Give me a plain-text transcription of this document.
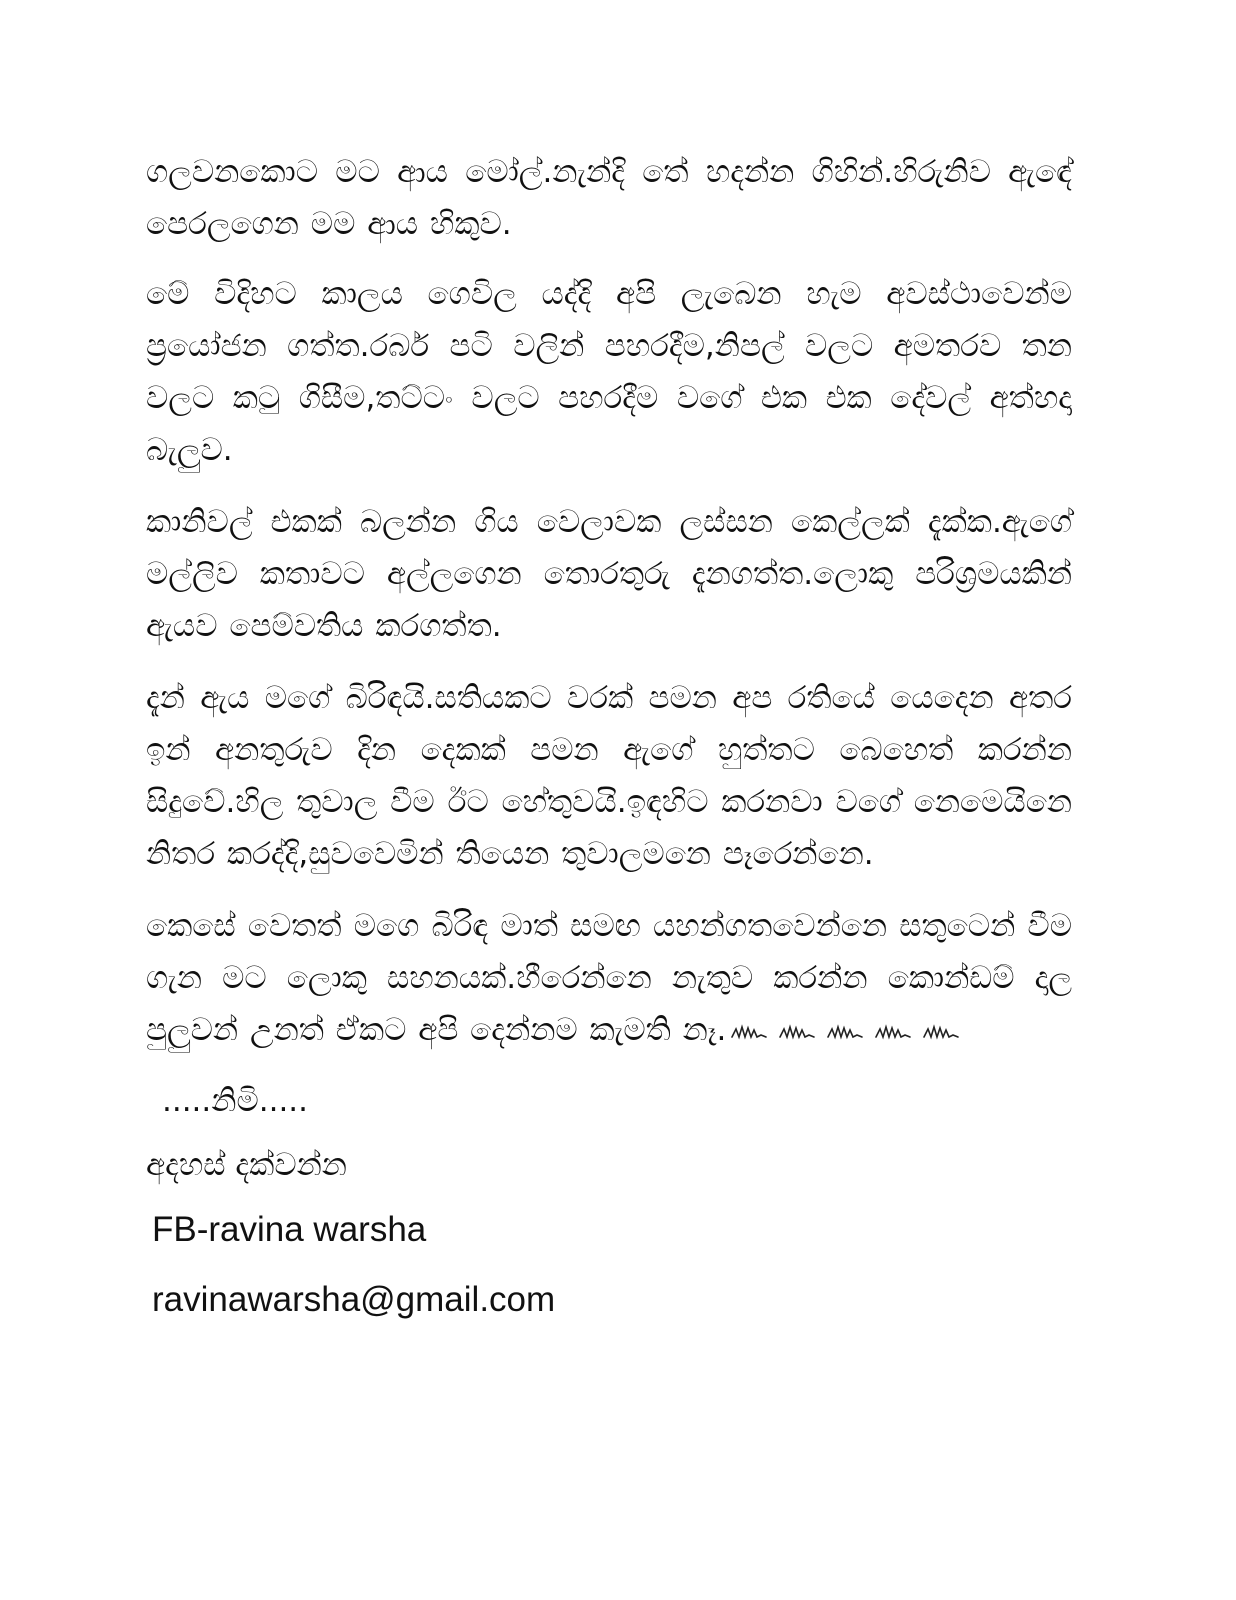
ගලවනකොට මට ආය මෝල්.නැන්දි තේ හදන්න ගිහින්.හිරුනිව ඇඳේ පෙරලගෙන මම ආය හිකුව.

මේ විදිහට කාලය ගෙවිල යද්දි අපි ලැබෙන හැම අවස්ථාවෙන්ම ප්‍රයෝජන ගත්ත.රබර් පටි වලින් පහරදීම,නිපල් වලට අමතරව තන වලට කටු ගිසීම,තට්ටං වලට පහරදීම වගේ එක එක දේවල් අත්හදා බැලුව.

කානිවල් එකක් බලන්න ගිය වෙලාවක ලස්සන කෙල්ලක් දැක්ක.ඇගේ මල්ලිව කතාවට අල්ලගෙන තොරතුරු දැනගත්ත.ලොකු පරිශ්‍රමයකින් ඇයව පෙම්වතිය කරගත්ත.

දැන් ඇය මගේ බිරිඳයි.සතියකට වරක් පමන අප රතියේ යෙදෙන අතර ඉන් අනතුරුව දින දෙකක් පමන ඇගේ හුත්තට බෙහෙත් කරන්න සිදුවේ.හිල තුවාල වීම ඊට හේතුවයි.ඉඳහිට කරනවා වගේ නෙමෙයිනෙ නිතර කරද්දි,සුවවෙමින් තියෙන තුවාලමනෙ පෑරෙන්නෙ.

කෙසේ වෙතත් මගෙ බිරිඳ මාත් සමඟ යහන්ගතවෙන්නෙ සතුටෙන් වීම ගැන මට ලොකු සහනයක්.හීරෙන්නෙ නැතුව කරන්න කොන්ඩම් දාල පුලුවන් උනත් ඒකට අපි දෙන්නම කැමති නෑ.

.....නිමි.....
අදහස් දක්වන්න
FB-ravina warsha
ravinawarsha@gmail.com
